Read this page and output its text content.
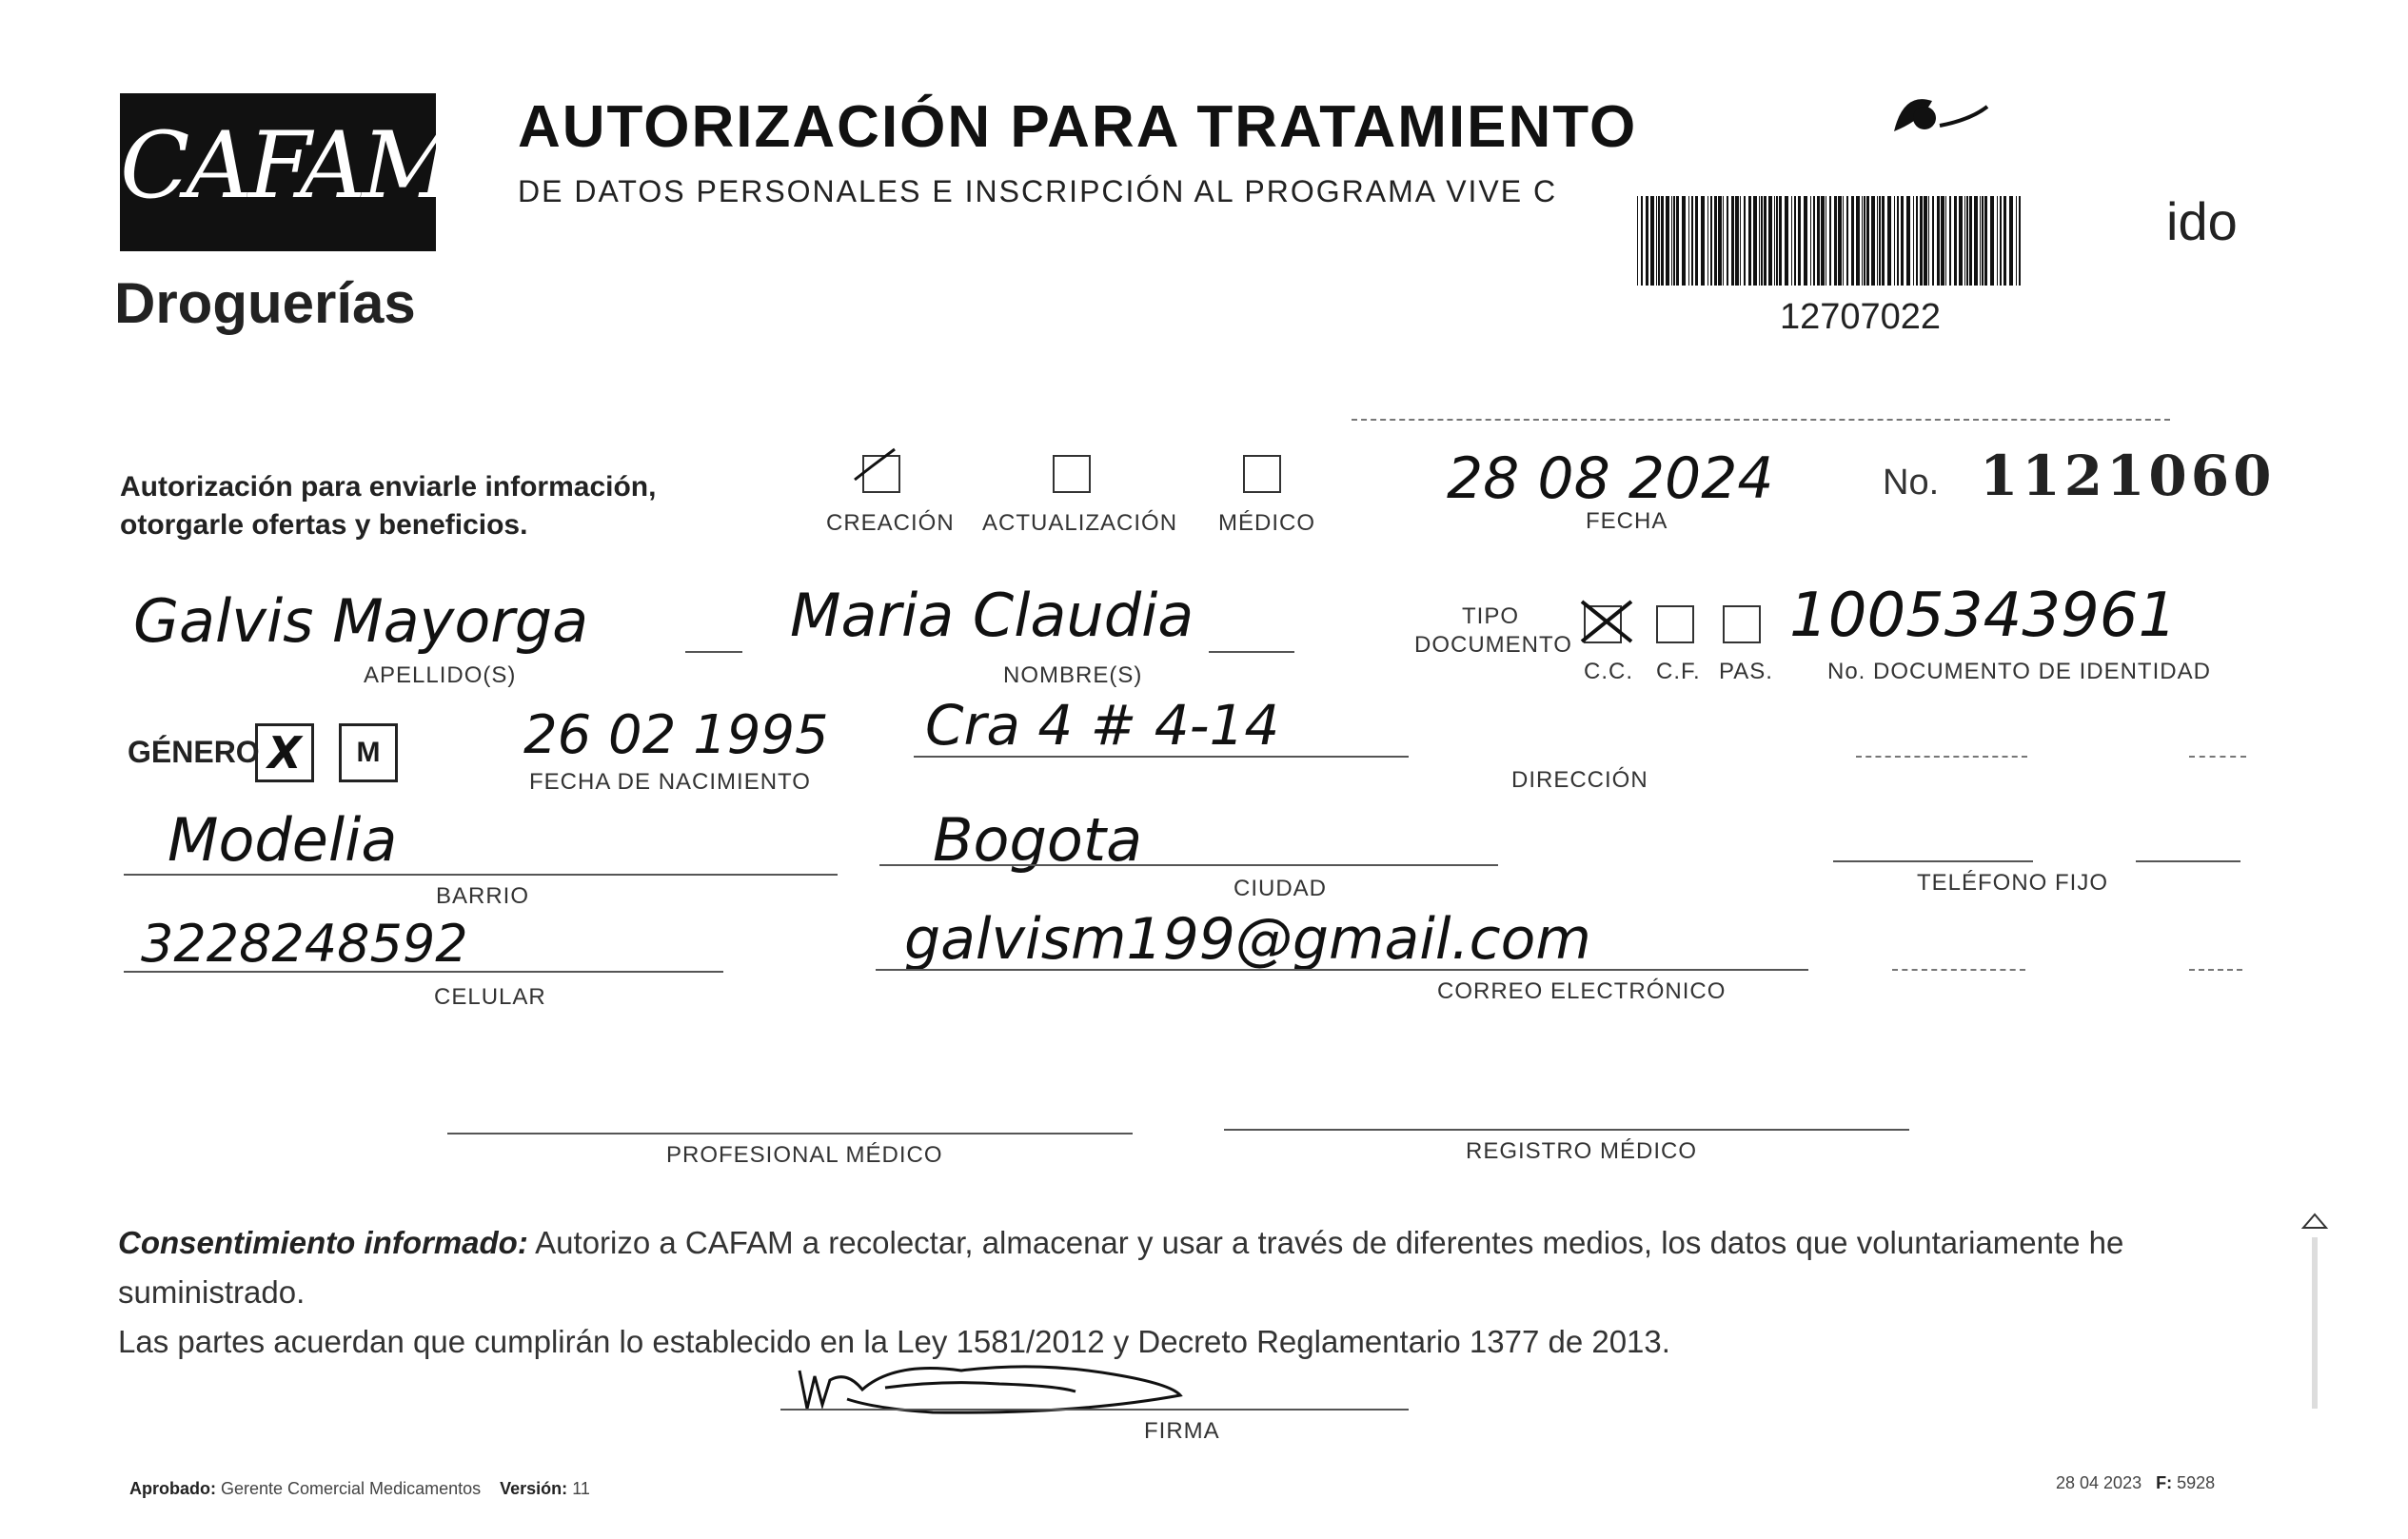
CAFAM
Droguerías
AUTORIZACIÓN PARA TRATAMIENTO
DE DATOS PERSONALES E INSCRIPCIÓN AL PROGRAMA VIVE C
12707022
ido
Autorización para enviarle información,
otorgarle ofertas y beneficios.	CREACIÓN ACTUALIZACIÓN MÉDICO
28 08 2024
FECHA
No. 1121060
Galvis Mayorga
APELLIDO(S)
Maria Claudia
NOMBRE(S)
TIPO
DOCUMENTO
C.C. C.F. PAS.
1005343961
No. DOCUMENTO DE IDENTIDAD
GÉNERO X	M	26 02 1995
FECHA DE NACIMIENTO
Cra 4 # 4-14
DIRECCIÓN
Modelia
BARRIO
Bogota
CIUDAD	TELÉFONO FIJO
3228248592
CELULAR
galvism199@gmail.com
CORREO ELECTRÓNICO
PROFESIONAL MÉDICO	REGISTRO MÉDICO
Consentimiento informado: Autorizo a CAFAM a recolectar, almacenar y usar a través de diferentes medios, los datos que voluntariamente he suministrado.
Las partes acuerdan que cumplirán lo establecido en la Ley 1581/2012 y Decreto Reglamentario 1377 de 2013.
FIRMA
Aprobado: Gerente Comercial Medicamentos Versión: 11	28 04 2023 F: 5928
